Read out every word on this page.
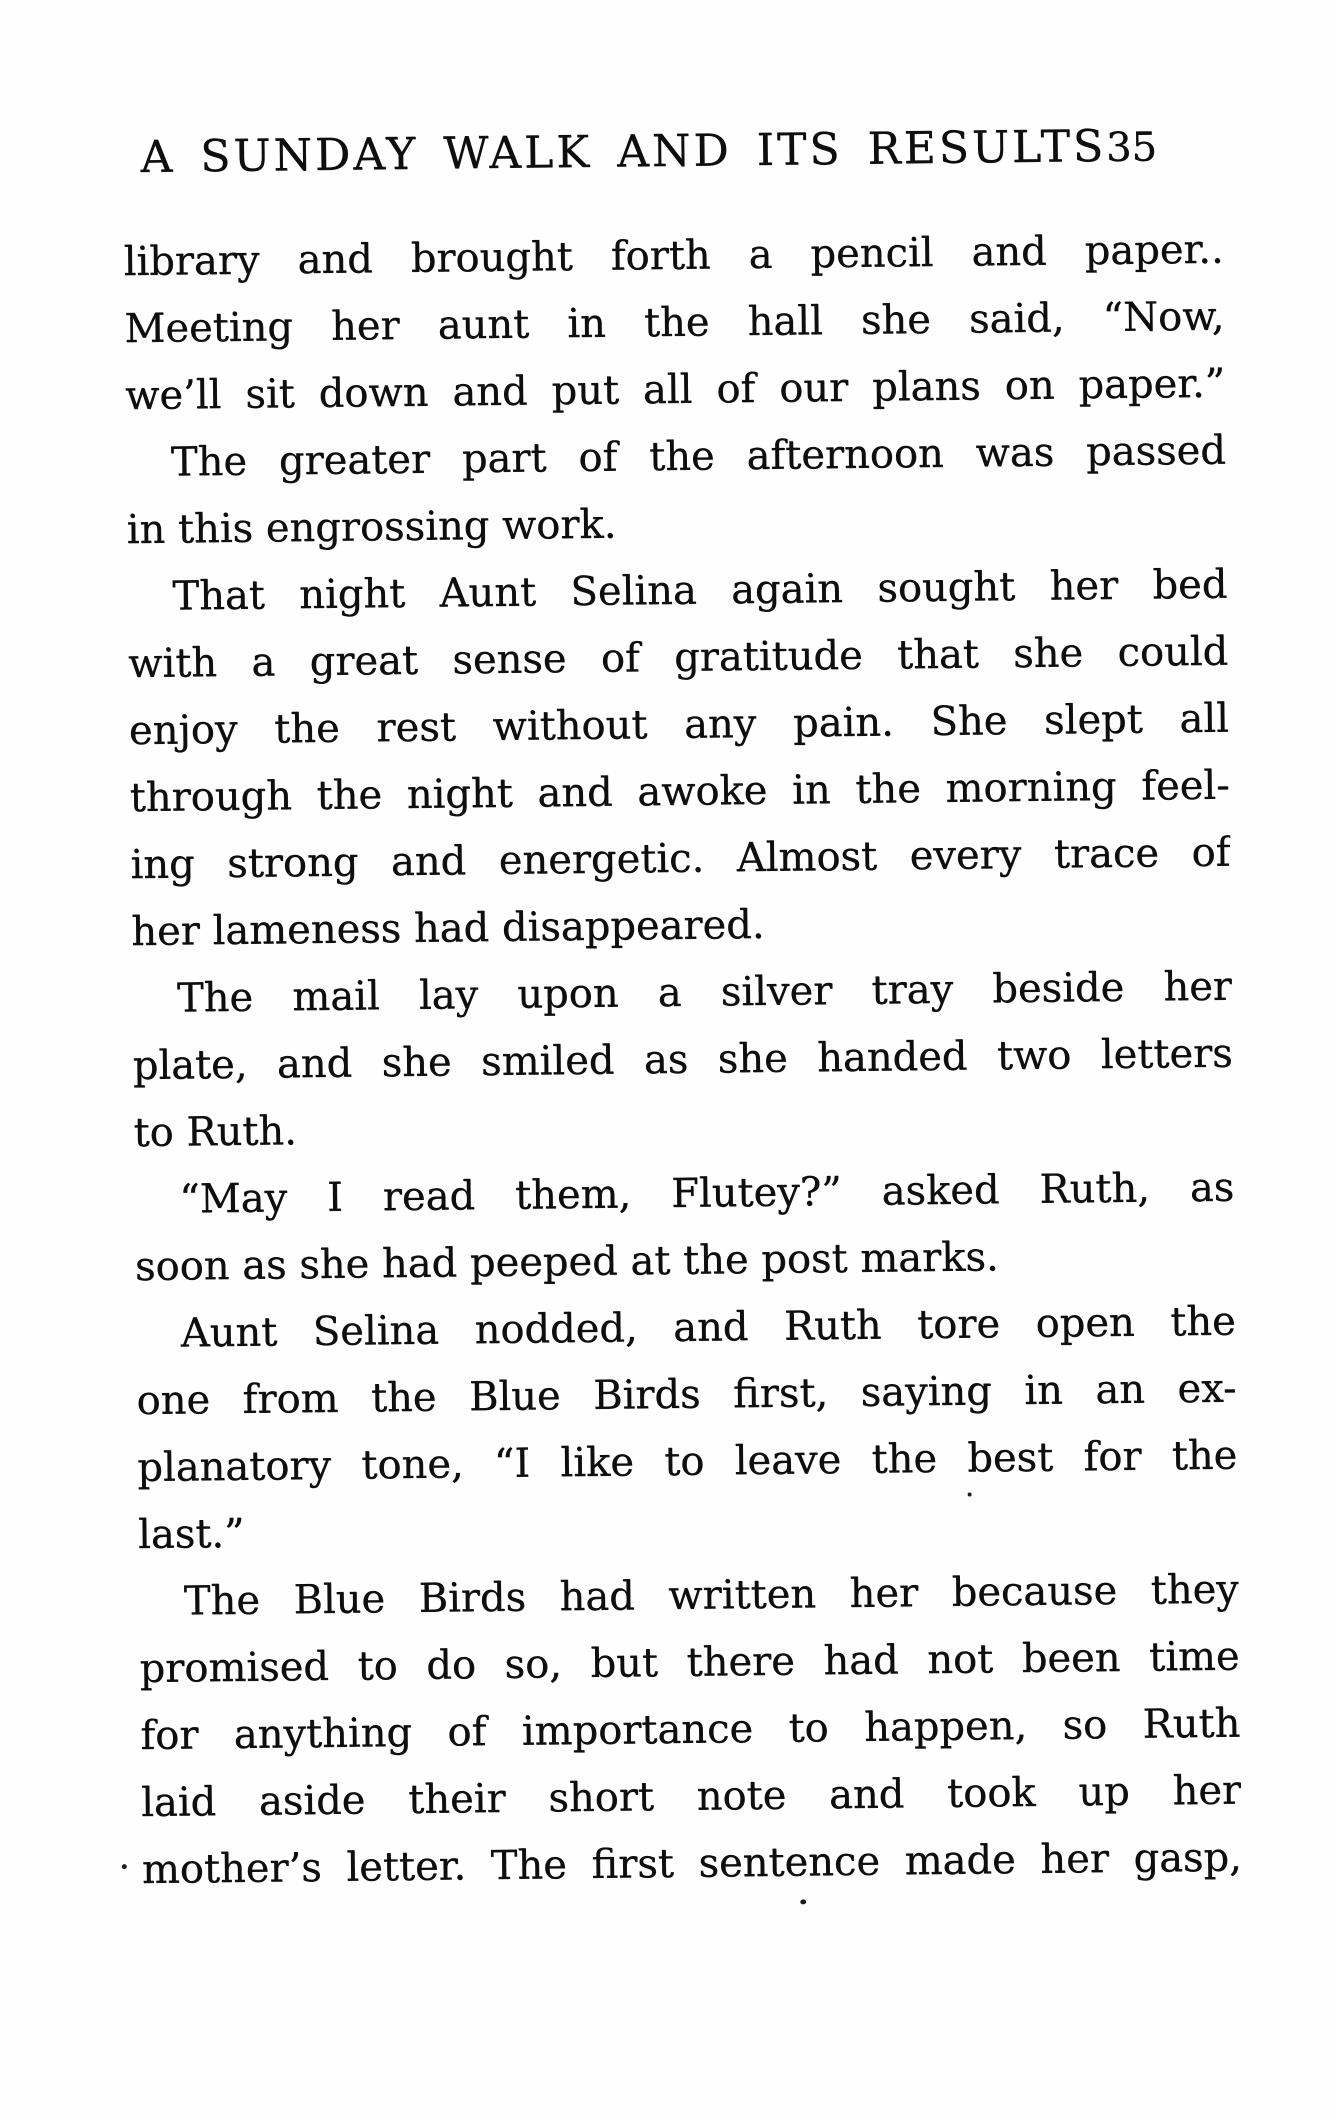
A SUNDAY WALK AND ITS RESULTS 35
library and brought forth a pencil and paper..
Meeting her aunt in the hall she said, “Now,
we’ll sit down and put all of our plans on paper.”
The greater part of the afternoon was passed
in this engrossing work.
That night Aunt Selina again sought her bed
with a great sense of gratitude that she could
enjoy the rest without any pain. She slept all
through the night and awoke in the morning feel-
ing strong and energetic. Almost every trace of
her lameness had disappeared.
The mail lay upon a silver tray beside her
plate, and she smiled as she handed two letters
to Ruth.
“May I read them, Flutey?” asked Ruth, as
soon as she had peeped at the post marks.
Aunt Selina nodded, and Ruth tore open the
one from the Blue Birds first, saying in an ex-
planatory tone, “I like to leave the best for the
last.”
The Blue Birds had written her because they
promised to do so, but there had not been time
for anything of importance to happen, so Ruth
laid aside their short note and took up her
mother’s letter. The first sentence made her gasp,
